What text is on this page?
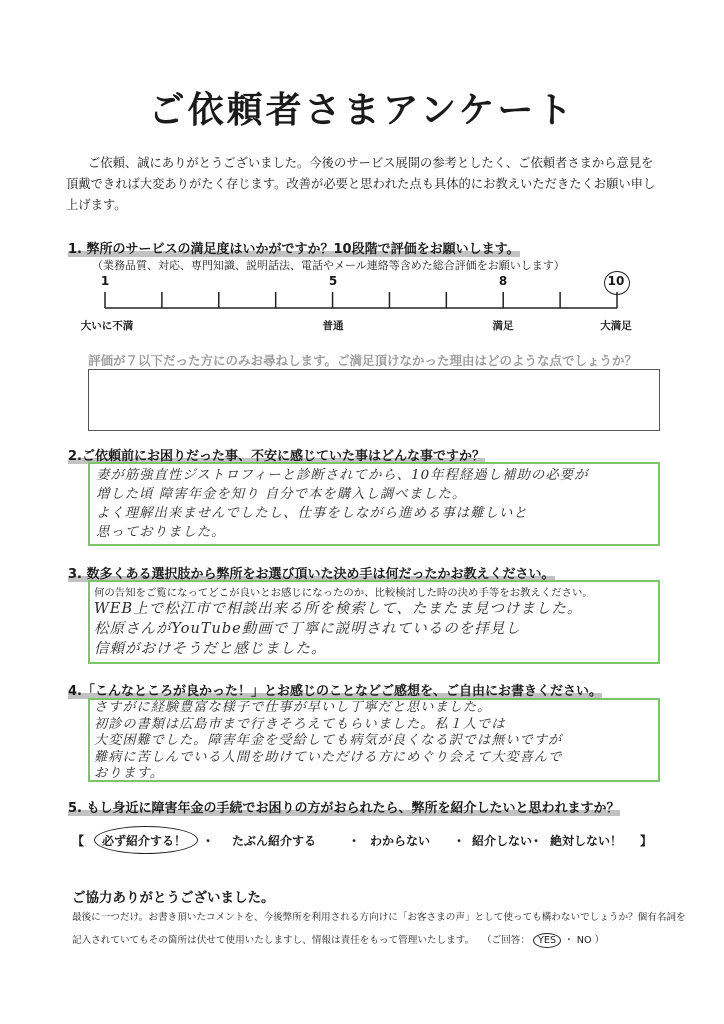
ご依頼者さまアンケート
ご依頼、誠にありがとうございました。今後のサービス展開の参考としたく、ご依頼者さまから意見を頂戴できれば大変ありがたく存じます。改善が必要と思われた点も具体的にお教えいただきたくお願い申し上げます。
1. 弊所のサービスの満足度はいかがですか？10段階で評価をお願いします。
（業務品質、対応、専門知識、説明話法、電話やメール連絡等含めた総合評価をお願いします）
1	5	8	10
大いに不満	普通	満足	大満足
評価が７以下だった方にのみお尋ねします。ご満足頂けなかった理由はどのような点でしょうか？
2.ご依頼前にお困りだった事、不安に感じていた事はどんな事ですか？
妻が筋強直性ジストロフィーと診断されてから、10年程経過し補助の必要が
増した頃 障害年金を知り 自分で本を購入し調べました。
よく理解出来ませんでしたし、仕事をしながら進める事は難しいと
思っておりました。
3. 数多くある選択肢から弊所をお選び頂いた決め手は何だったかお教えください。
何の告知をご覧になってどこが良いとお感じになったのか、比較検討した時の決め手等をお教えください。
WEB上で松江市で相談出来る所を検索して、たまたま見つけました。
松原さんがYouTube動画で丁寧に説明されているのを拝見し
信頼がおけそうだと感じました。
4.「こんなところが良かった！」とお感じのことなどご感想を、ご自由にお書きください。
さすがに経験豊富な様子で仕事が早いし丁寧だと思いました。
初診の書類は広島市まで行きそろえてもらいました。私１人では
大変困難でした。障害年金を受給しても病気が良くなる訳では無いですが
難病に苦しんでいる人間を助けていただける方にめぐり会えて大変喜んで
おります。
5. もし身近に障害年金の手続でお困りの方がおられたら、弊所を紹介したいと思われますか？
【 必ず紹介する！ ・ たぶん紹介する	・ わからない ・ 紹介しない
・ 絶対しない！ 】
ご協力ありがとうございました。
最後に一つだけ。お書き頂いたコメントを、今後弊所を利用される方向けに「お客さまの声」として使っても構わないでしょうか？個有名詞を
記入されていてもその箇所は伏せて使用いたしますし、情報は責任をもって管理いたします。 （ご回答： YES ・ NO ）
